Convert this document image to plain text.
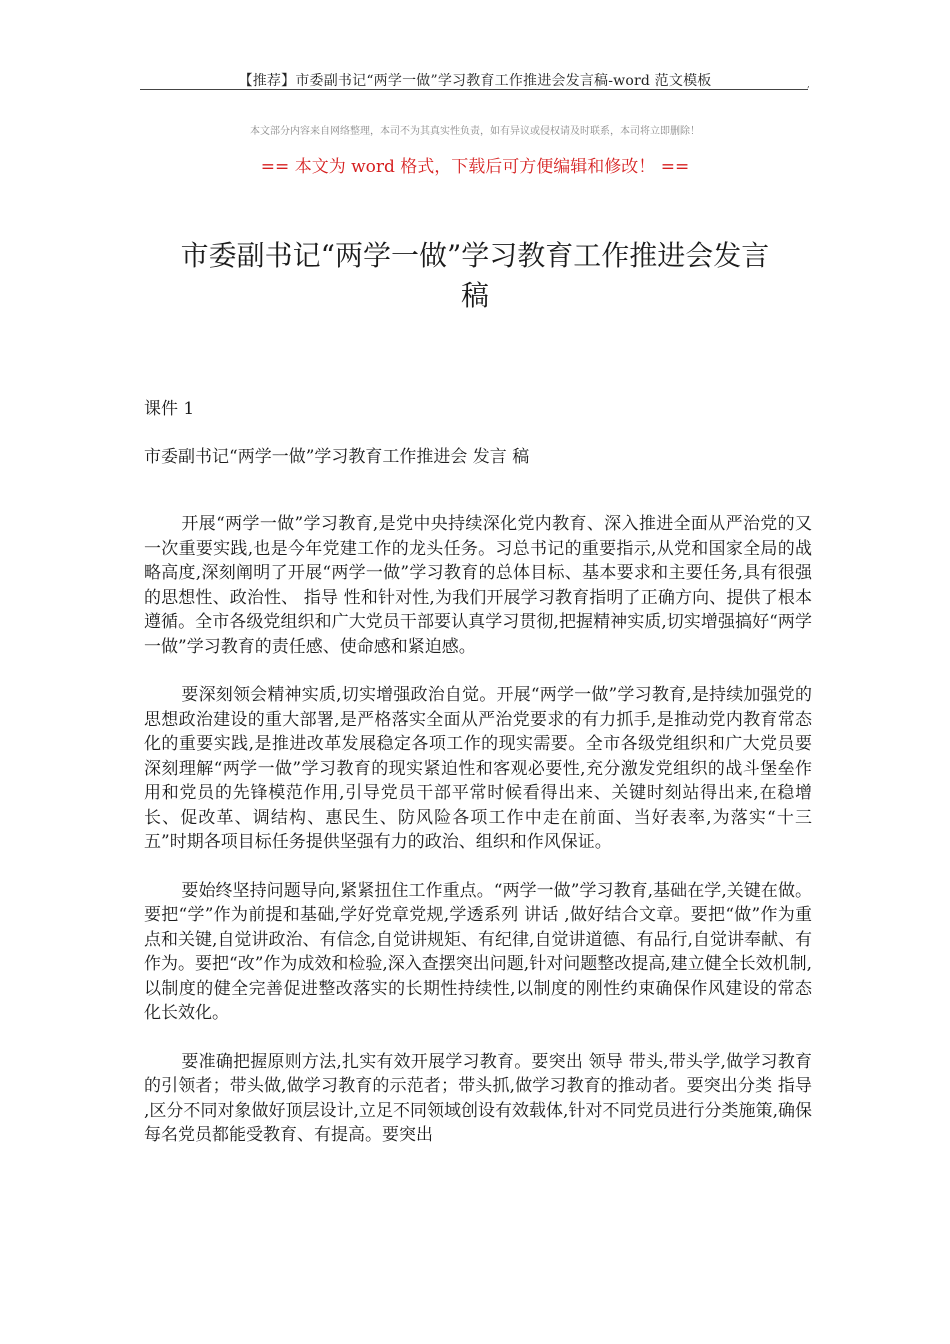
【推荐】市委副书记“两学一做”学习教育工作推进会发言稿-word 范文模板	,
本文部分内容来自网络整理，本司不为其真实性负责，如有异议或侵权请及时联系，本司将立即删除！
== 本文为 word 格式，下载后可方便编辑和修改！ ==
市委副书记“两学一做”学习教育工作推进会发言
稿
课件 1
市委副书记“两学一做”学习教育工作推进会 发言 稿

开展“两学一做”学习教育,是党中央持续深化党内教育、深入推进全面从严治党的又一次重要实践,也是今年党建工作的龙头任务。习总书记的重要指示,从党和国家全局的战略高度,深刻阐明了开展“两学一做”学习教育的总体目标、基本要求和主要任务,具有很强的思想性、政治性、 指导 性和针对性,为我们开展学习教育指明了正确方向、提供了根本遵循。全市各级党组织和广大党员干部要认真学习贯彻,把握精神实质,切实增强搞好“两学一做”学习教育的责任感、使命感和紧迫感。

要深刻领会精神实质,切实增强政治自觉。开展“两学一做”学习教育,是持续加强党的思想政治建设的重大部署,是严格落实全面从严治党要求的有力抓手,是推动党内教育常态化的重要实践,是推进改革发展稳定各项工作的现实需要。全市各级党组织和广大党员要深刻理解“两学一做”学习教育的现实紧迫性和客观必要性,充分激发党组织的战斗堡垒作用和党员的先锋模范作用,引导党员干部平常时候看得出来、关键时刻站得出来,在稳增长、促改革、调结构、惠民生、防风险各项工作中走在前面、当好表率,为落实“十三五”时期各项目标任务提供坚强有力的政治、组织和作风保证。

要始终坚持问题导向,紧紧扭住工作重点。“两学一做”学习教育,基础在学,关键在做。要把“学”作为前提和基础,学好党章党规,学透系列 讲话 ,做好结合文章。要把“做”作为重点和关键,自觉讲政治、有信念,自觉讲规矩、有纪律,自觉讲道德、有品行,自觉讲奉献、有作为。要把“改”作为成效和检验,深入查摆突出问题,针对问题整改提高,建立健全长效机制,以制度的健全完善促进整改落实的长期性持续性,以制度的刚性约束确保作风建设的常态化长效化。

要准确把握原则方法,扎实有效开展学习教育。要突出 领导 带头,带头学,做学习教育的引领者；带头做,做学习教育的示范者；带头抓,做学习教育的推动者。要突出分类 指导 ,区分不同对象做好顶层设计,立足不同领域创设有效载体,针对不同党员进行分类施策,确保每名党员都能受教育、有提高。要突出
